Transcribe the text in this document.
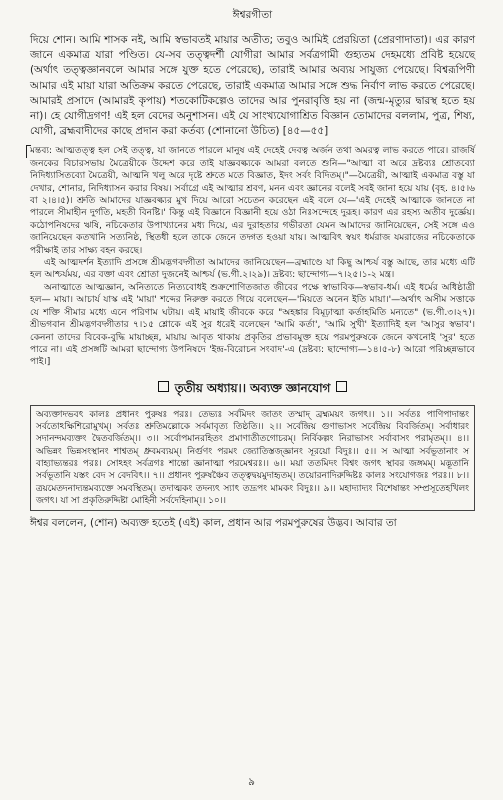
ঈশ্বরগীতা

দিয়ে শোন। আমি শাসক নই, আমি স্বভাবতই মায়ার অতীত; তবুও আমিই প্রেরয়িতা (প্রেরণাদাতা)। এর কারণ জানে একমাত্র যারা পণ্ডিত। যে-সব তত্ত্বদর্শী যোগীরা আমার সর্বত্রগামী গুহ্যতম দেহমধ্যে প্রবিষ্ট হয়েছে (অর্থাৎ তত্ত্বজ্ঞানবলে আমার সঙ্গে যুক্ত হতে পেরেছে), তারাই আমার অব্যয় সাযুজ্য পেয়েছে। বিশ্বরূপিণী আমার এই মায়া যারা অতিক্রম করতে পেরেছে, তারাই একমাত্র আমার সঙ্গে শুদ্ধ নির্বাণ লাভ করতে পেরেছে। আমারই প্রসাদে (আমারই কৃপায়) শতকোটিকল্পেও তাদের আর পুনরাবৃত্তি হয় না (জন্ম-মৃত্যুর দ্বারস্থ হতে হয় না)। হে যোগীদ্রগণ! এই হল বেদের অনুশাসন। এই যে সাংখ্যযোগাশ্রিত বিজ্ঞান তোমাদের বললাম, পুত্র, শিষ্য, যোগী, ব্রহ্মবাদীদের কাছে প্রদান করা কর্তব্য (শোনানো উচিত) [৪৫—৫৫]

মন্তব্য: আত্মতত্ত্ব হল সেই তত্ত্ব, যা জানতে পারলে মানুষ এই দেহেই দেবত্ব অর্জন তথা অমরত্ব লাভ করতে পারে। রাজর্ষি জনকের বিচারসভায় মৈত্রেয়ীকে উদ্দেশ করে তাই যাজ্ঞবল্ক্যকে আমরা বলতে শুনি—"আত্মা বা অরে দ্রষ্টব্যঃ শ্রোতব্যো নিদিধ্যাসিতব্যো মৈত্রেয়ী, আত্মনি খলু অরে দৃষ্টে শ্রুতে মতে বিজ্ঞাত, ইদং সর্বং বিদিতম্।"—মৈত্রেয়ী, আত্মাই একমাত্র বস্তু যা দেখার, শোনার, নিদিধ্যাসন করার বিষয়। সর্বাগ্রে এই আত্মার শ্রবণ, মনন এবং জ্ঞানের বলেই সবই জানা হয়ে যায় (বৃহ. ৪।৫।৬ বা ২।৪।৫)। শ্রুতি আমাদের যাজ্ঞবল্ক্যর মুখ দিয়ে আরো সচেতন করেছেন এই বলে যে—'এই দেহেই আত্মাকে জানতে না পারলে সীমাহীন দুর্গতি, মহতী বিনষ্টি।' কিন্তু এই বিজ্ঞানে বিজ্ঞানী হয়ে ওঠা নিঃসন্দেহে দুরূহ। কারণ এর রহস্য অতীব দুর্জ্ঞেয়। কঠোপনিষদের ঋষি, নচিকেতার উপাখ্যানের মধ্য দিয়ে, এর দুরাহতার গভীরতা যেমন আমাদের জানিয়েছেন, সেই সঙ্গে এও জানিয়েছেন কতখানি সত্যনিষ্ঠ, স্থিতধী হলে তাকে জেনে তদ্গত হওয়া যায়। আত্মবিৎ স্বয়ং ধর্মরাজ যমরাজের নচিকেতাকে পরীক্ষাই তার সাক্ষ্য বহন করছে।

এই আত্মদর্শন ইত্যাদি প্রসঙ্গে শ্রীমদ্ভগবদ্গীতা আমাদের জানিয়েছেন—ব্রহ্মাণ্ডে যা কিছু আশ্চর্য বস্তু আছে, তার মধ্যে এটি হল আশ্চর্যময়, এর বক্তা এবং শ্রোতা দুজনেই আশ্চর্য (ভ.গী.২।২৯)। দ্রষ্টব্য: ছান্দোগ্য—৭।২৫।১-২ মন্ত্র।

অনাত্মাতে আত্মজ্ঞান, অনিত্যতে নিত্যবোধই শুক্রশোণিতজাত জীবের পক্ষে স্বাভাবিক—স্বভাব-ধর্ম। এই ধর্মের অধিষ্ঠাত্রী হল— মায়া। আচার্য যাস্ক এই 'মায়া' শব্দের নিরুক্ত করতে গিয়ে বলেছেন—'মিয়তে অনেন ইতি মায়া।'—অর্থাৎ অসীম সত্তাকে যে শক্তি সীমার মধ্যে এনে পরিণাম ঘটায়। এই মায়াই জীবকে করে "অহঙ্কার বিমূঢ়াত্মা কর্তাহমিতি মন্যতে" (ভ.গী.৩।২৭)। শ্রীভগবান শ্রীমদ্ভগবদ্গীতার ৭।১৫ শ্লোকে এই সুর ধরেই বলেছেন 'আমি কর্তা', 'আমি সুখী' ইত্যাদিই হল 'আসুর স্বভাব'। কেননা তাদের বিবেক-বুদ্ধি মায়াচ্ছন্ন, মায়ায় আবৃত থাকায় প্রকৃতির প্রভাবমুক্ত হয়ে পরমপুরুষকে জেনে কখনোই 'সুর' হতে পারে না। এই প্রসঙ্গটি আমরা ছান্দোগ্য উপনিষদে 'ইন্দ্র-বিরোচন সংবাদ'-এ (দ্রষ্টব্য: ছান্দোগ্য—১৪।৫-৮) আরো পরিচ্ছন্নভাবে পাই।]

তৃতীয় অধ্যায়।। অব্যক্ত জ্ঞানযোগ

অব্যক্তাদভবৎ কালঃ প্রধানং পুরুষঃ পরঃ। তেভ্যঃ সর্বমিদং জাতং তস্মাদ্ ব্রহ্মময়ং জগৎ।। ১।। সর্বতঃ পাণিপাদান্তং সর্বতোঽক্ষিশিরোমুখম্। সর্বতঃ শ্রুতিমল্লোকে সর্বমাবৃত্য তিষ্ঠতি।। ২।। সর্বেন্দ্রিয় গুণাভাসং সর্বেন্দ্রিয় বিবর্জিতম্। সর্বাধারং সদানন্দমব্যক্তং দ্বৈতবর্জিতম্।। ৩।। সর্বোপমানরহিতং প্রমাণাতীতগোচরম্। নির্বিকল্পং নিরাভাসং সর্বাবাসং পরামৃতম্।। ৪।। অভিন্নং ভিন্নসংস্থানং শাশ্বতম্ ধ্রুবমব্যয়ম্। নির্গুণং পরমং জ্যোতিস্তজ্জ্ঞানং সূরয়ো বিদুঃ।। ৫।। স আত্মা সর্বভূতানাং স বাহ্যাভ্যন্তরঃ পরঃ। সোঽহং সর্বত্রগঃ শান্তো জ্ঞানাত্মা পরমেশ্বরঃ।। ৬।। ময়া ততমিদং বিশ্বং জগৎ স্থাবর জঙ্গমম্। মদ্ভূতানি সর্বভূতানি যস্তং বেদ স বেদবিৎ।। ৭।। প্রধানং পুরুষঞ্চৈব তত্ত্বদ্বয়মুদাহৃতম্। তয়োরনাদিরুদ্দিষ্টঃ কালঃ সংযোগজঃ পরঃ।। ৮।। ত্রয়মেতদনাদ্যন্তমব্যক্তে সমবস্থিতম্। তদাত্মকং তদন্যৎ স্যাৎ তদ্রূপং মামকং বিদুঃ।। ৯।। মহাদ্যাদ্যং বিশেষান্তং সম্প্রসূতেহখিলং জগৎ। যা সা প্রকৃতিরুদ্দিষ্টা মোহিনী সর্বদেহিনাম্।। ১০।।

ঈশ্বর বললেন, (শোন) অব্যক্ত হতেই (এই) কাল, প্রধান আর পরমপুরুষের উদ্ভব। আবার তা

৯
